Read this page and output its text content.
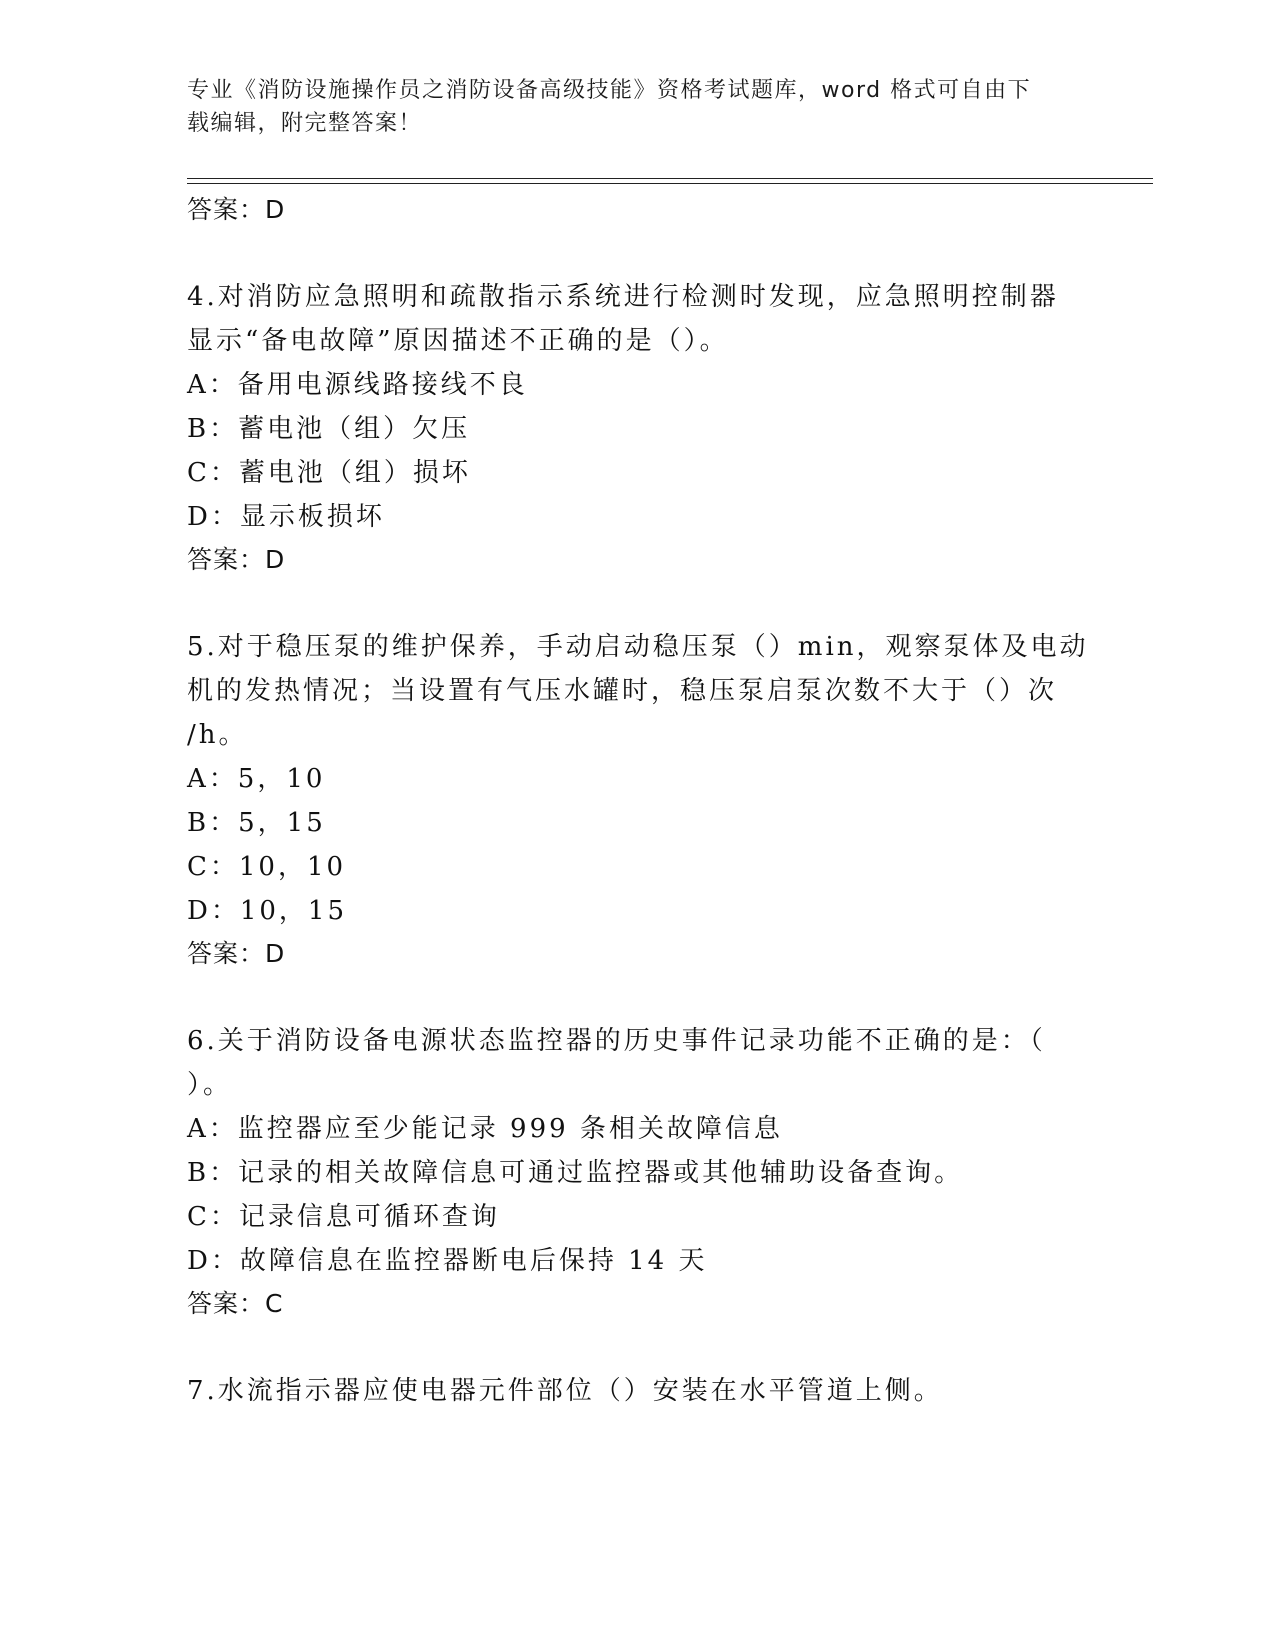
专业《消防设施操作员之消防设备高级技能》资格考试题库，word 格式可自由下
载编辑，附完整答案！
答案：D
4.对消防应急照明和疏散指示系统进行检测时发现，应急照明控制器
显示“备电故障”原因描述不正确的是（）。
A：备用电源线路接线不良
B：蓄电池（组）欠压
C：蓄电池（组）损坏
D：显示板损坏
答案：D
5.对于稳压泵的维护保养，手动启动稳压泵（）min，观察泵体及电动
机的发热情况；当设置有气压水罐时，稳压泵启泵次数不大于（）次
/h。
A：5，10
B：5，15
C：10，10
D：10，15
答案：D
6.关于消防设备电源状态监控器的历史事件记录功能不正确的是：（
）。
A：监控器应至少能记录 999 条相关故障信息
B：记录的相关故障信息可通过监控器或其他辅助设备查询。
C：记录信息可循环查询
D：故障信息在监控器断电后保持 14 天
答案：C
7.水流指示器应使电器元件部位（）安装在水平管道上侧。
